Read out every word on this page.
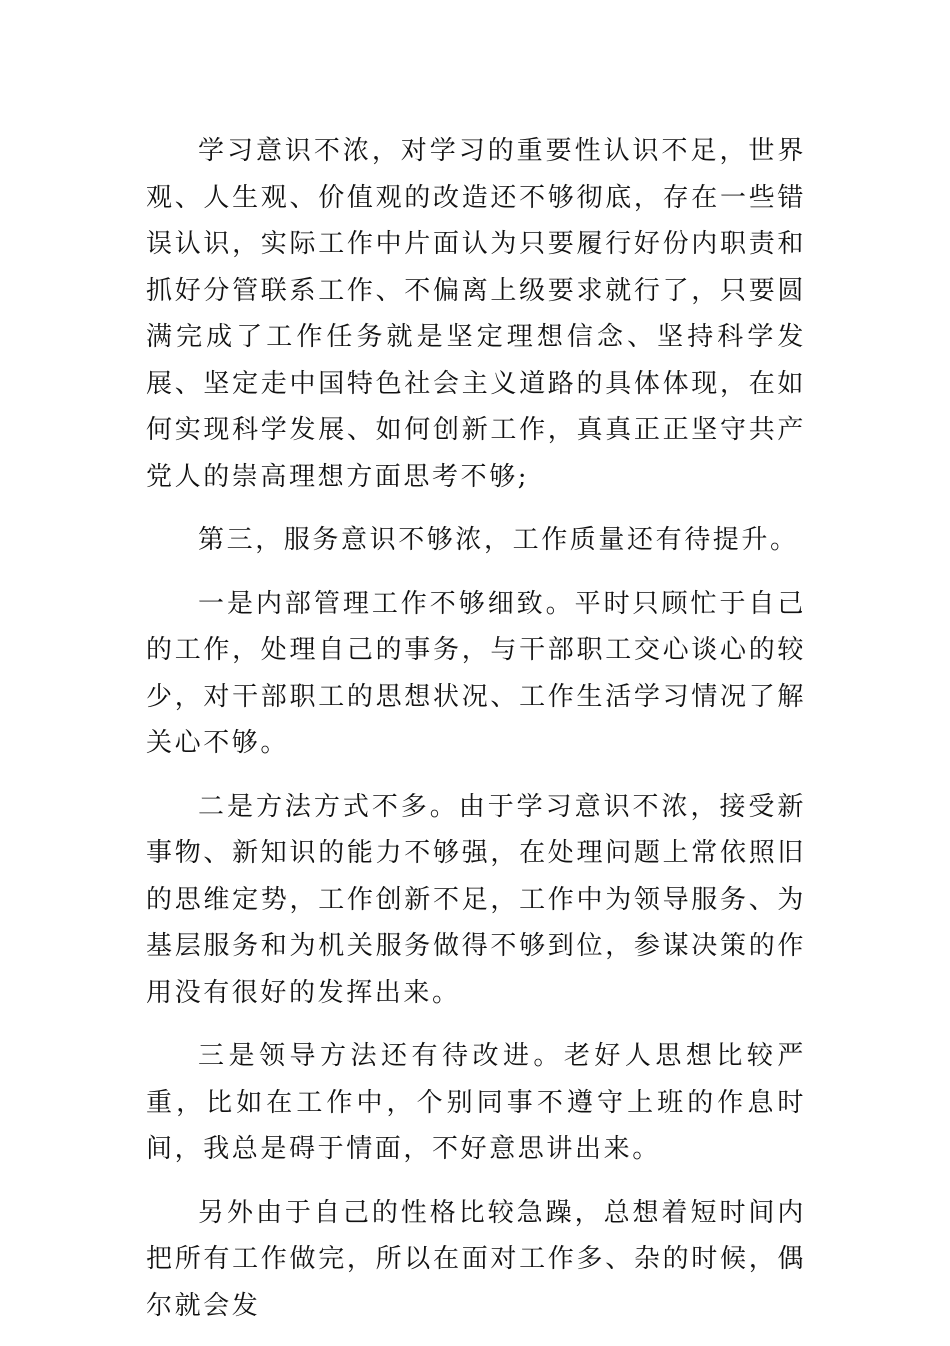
学习意识不浓，对学习的重要性认识不足，世界观、人生观、价值观的改造还不够彻底，存在一些错误认识，实际工作中片面认为只要履行好份内职责和抓好分管联系工作、不偏离上级要求就行了，只要圆满完成了工作任务就是坚定理想信念、坚持科学发展、坚定走中国特色社会主义道路的具体体现，在如何实现科学发展、如何创新工作，真真正正坚守共产党人的崇高理想方面思考不够;

第三，服务意识不够浓，工作质量还有待提升。

一是内部管理工作不够细致。平时只顾忙于自己的工作，处理自己的事务，与干部职工交心谈心的较少，对干部职工的思想状况、工作生活学习情况了解关心不够。

二是方法方式不多。由于学习意识不浓，接受新事物、新知识的能力不够强，在处理问题上常依照旧的思维定势，工作创新不足，工作中为领导服务、为基层服务和为机关服务做得不够到位，参谋决策的作用没有很好的发挥出来。

三是领导方法还有待改进。老好人思想比较严重，比如在工作中，个别同事不遵守上班的作息时间，我总是碍于情面，不好意思讲出来。

另外由于自己的性格比较急躁，总想着短时间内把所有工作做完，所以在面对工作多、杂的时候，偶尔就会发
